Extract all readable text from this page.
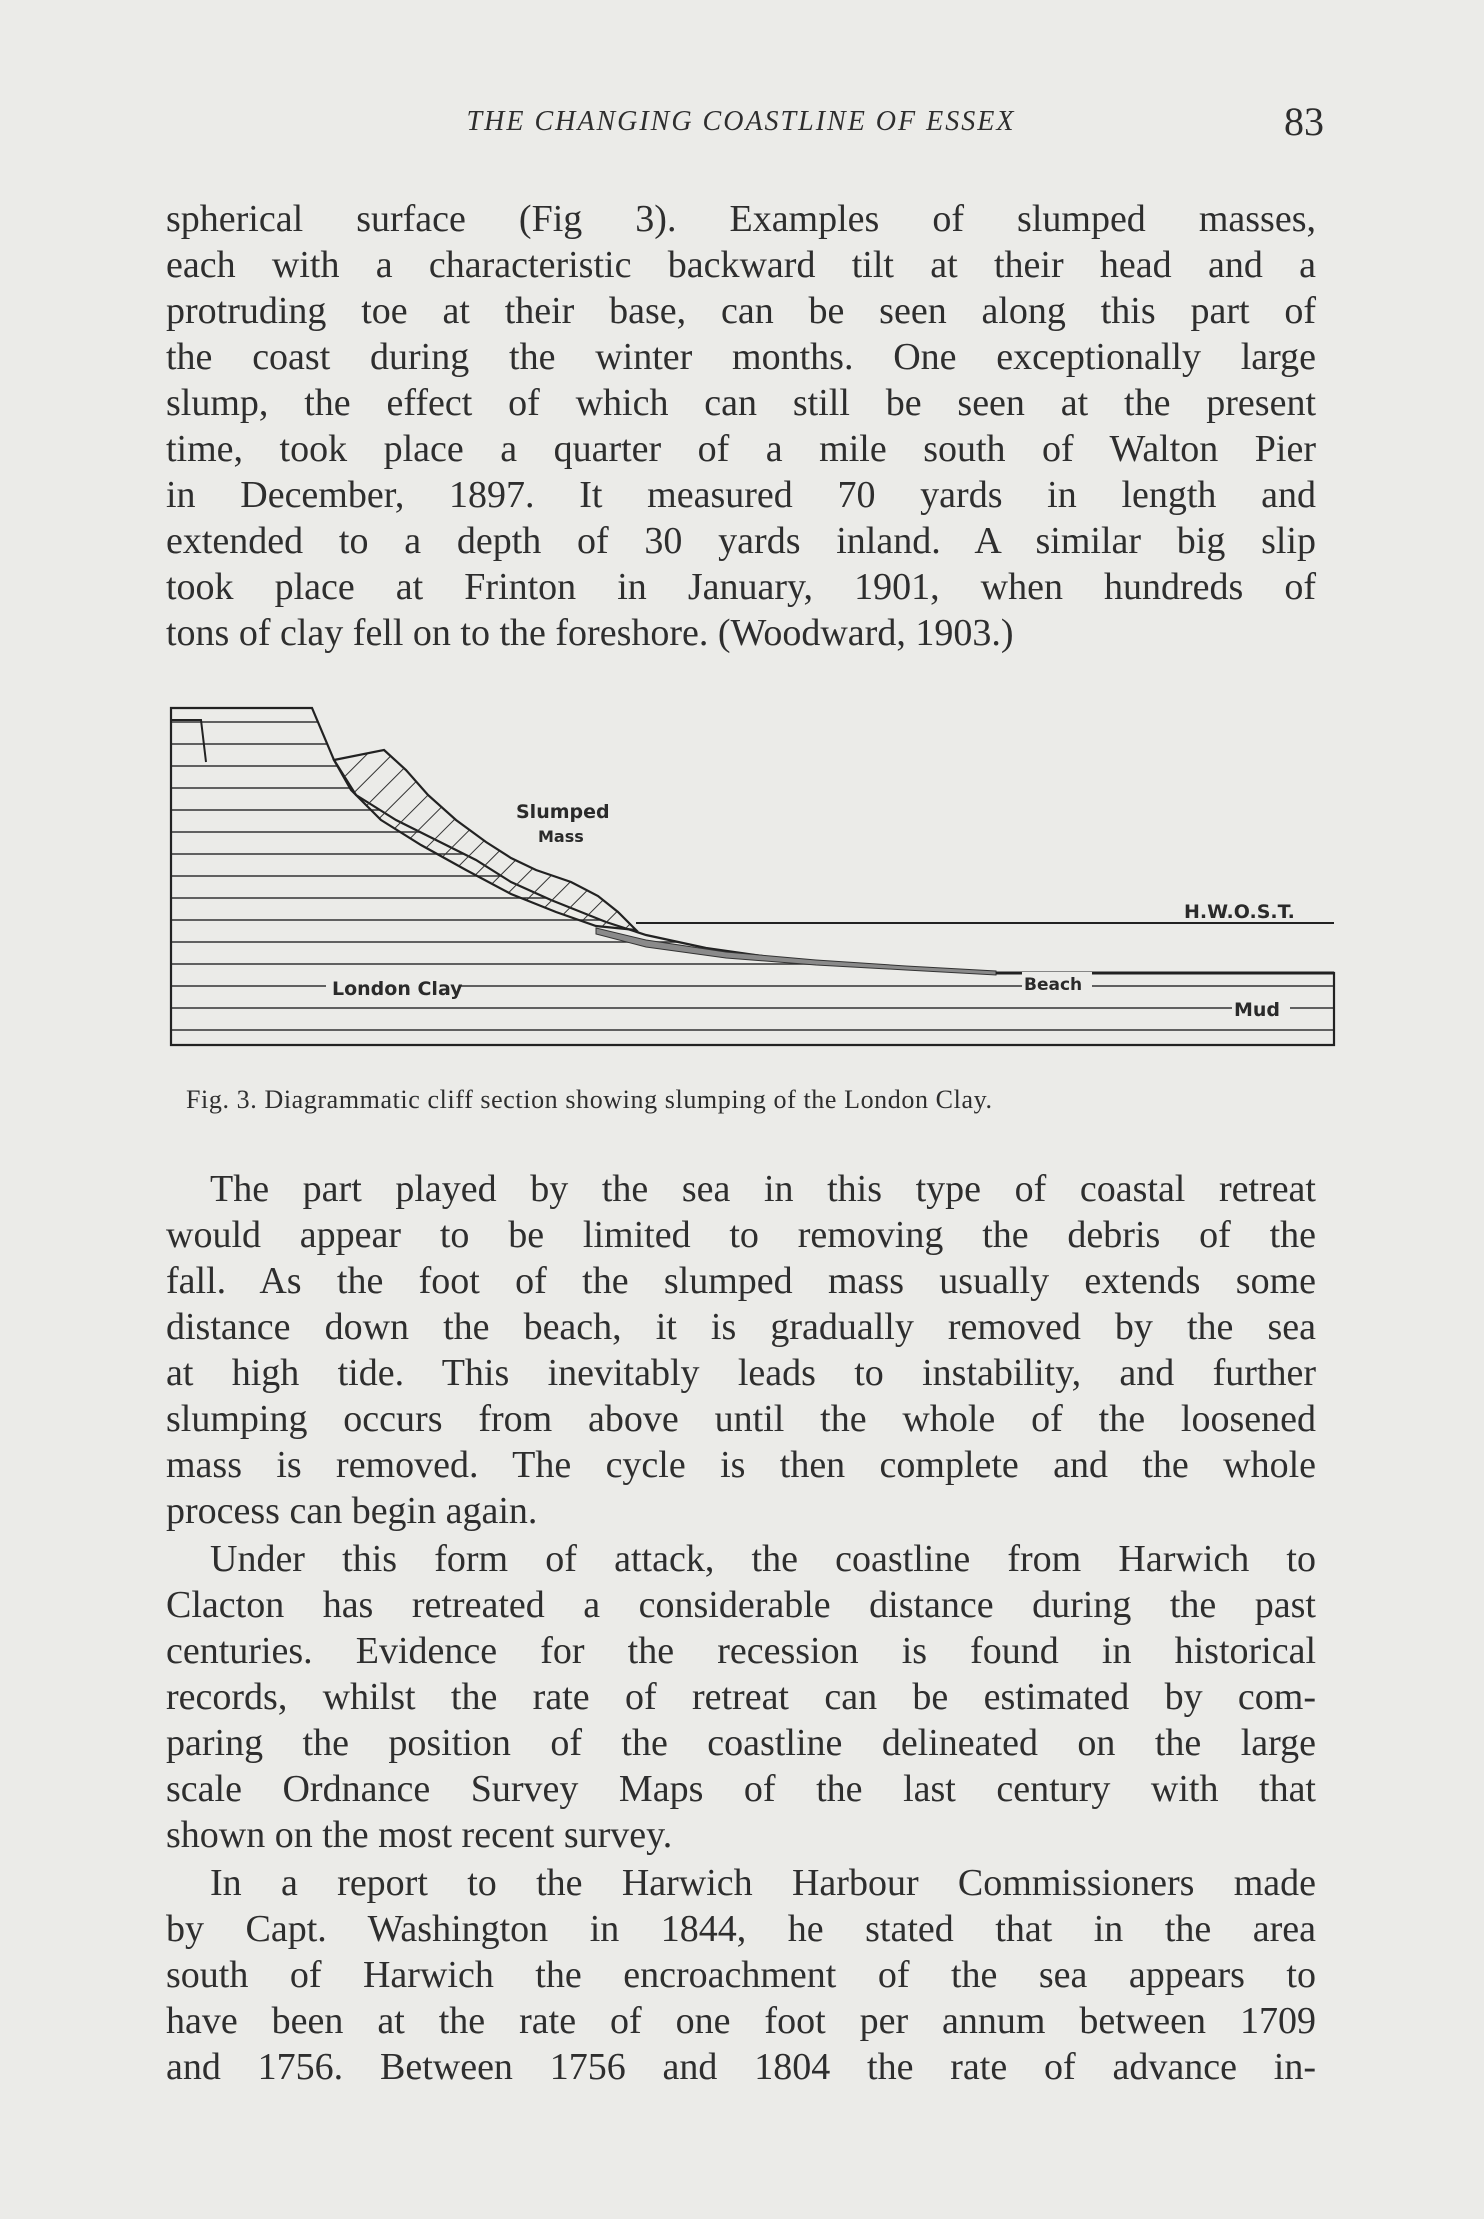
THE CHANGING COASTLINE OF ESSEX	83
spherical surface (Fig 3). Examples of slumped masses,
each with a characteristic backward tilt at their head and a
protruding toe at their base, can be seen along this part of
the coast during the winter months. One exceptionally large
slump, the effect of which can still be seen at the present
time, took place a quarter of a mile south of Walton Pier
in December, 1897. It measured 70 yards in length and
extended to a depth of 30 yards inland. A similar big slip
took place at Frinton in January, 1901, when hundreds of
tons of clay fell on to the foreshore. (Woodward, 1903.)
Slumped
Mass
H.W.O.S.T.
London Clay	Beach
Mud
Fig. 3. Diagrammatic cliff section showing slumping of the London Clay.
The part played by the sea in this type of coastal retreat
would appear to be limited to removing the debris of the
fall. As the foot of the slumped mass usually extends some
distance down the beach, it is gradually removed by the sea
at high tide. This inevitably leads to instability, and further
slumping occurs from above until the whole of the loosened
mass is removed. The cycle is then complete and the whole
process can begin again.
Under this form of attack, the coastline from Harwich to
Clacton has retreated a considerable distance during the past
centuries. Evidence for the recession is found in historical
records, whilst the rate of retreat can be estimated by com-
paring the position of the coastline delineated on the large
scale Ordnance Survey Maps of the last century with that
shown on the most recent survey.
In a report to the Harwich Harbour Commissioners made
by Capt. Washington in 1844, he stated that in the area
south of Harwich the encroachment of the sea appears to
have been at the rate of one foot per annum between 1709
and 1756. Between 1756 and 1804 the rate of advance in-
